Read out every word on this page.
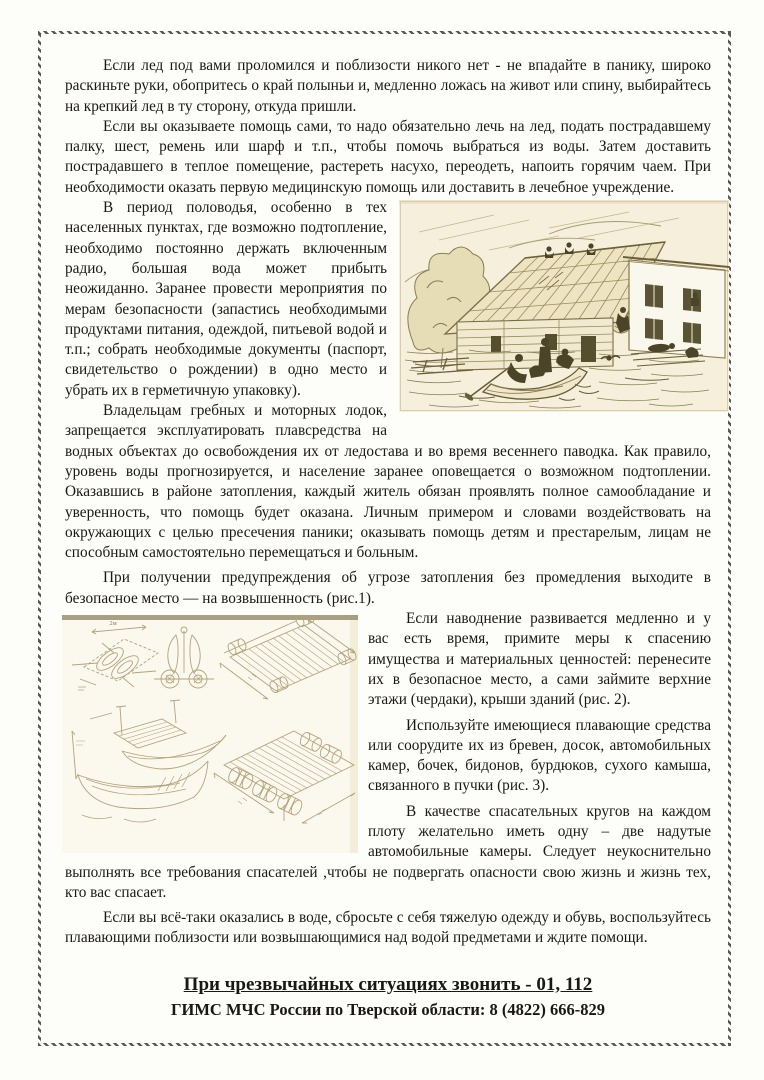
Если лед под вами проломился и поблизости никого нет - не впадайте в панику, широко раскиньте руки, обопритесь о край полыньи и, медленно ложась на живот или спину, выбирайтесь на крепкий лед в ту сторону, откуда пришли.

Если вы оказываете помощь сами, то надо обязательно лечь на лед, подать пострадавшему палку, шест, ремень или шарф и т.п., чтобы помочь выбраться из воды. Затем доставить пострадавшего в теплое помещение, растереть насухо, переодеть, напоить горячим чаем. При необходимости оказать первую медицинскую помощь или доставить в лечебное учреждение.

В период половодья, особенно в тех населенных пунктах, где возможно подтопление, необходимо постоянно держать включенным радио, большая вода может прибыть неожиданно. Заранее провести мероприятия по мерам безопасности (запастись необходимыми продуктами питания, одеждой, питьевой водой и т.п.; собрать необходимые документы (паспорт, свидетельство о рождении) в одно место и убрать их в герметичную упаковку).

Владельцам гребных и моторных лодок, запрещается эксплуатировать плавсредства на водных объектах до освобождения их от ледостава и во время весеннего паводка. Как правило, уровень воды прогнозируется, и население заранее оповещается о возможном подтоплении. Оказавшись в районе затопления, каждый житель обязан проявлять полное самообладание и уверенность, что помощь будет оказана. Личным примером и словами воздействовать на окружающих с целью пресечения паники; оказывать помощь детям и престарелым, лицам не способным самостоятельно перемещаться и больным.

При получении предупреждения об угрозе затопления без промедления выходите в безопасное место — на возвышенность (рис.1).

2м	Если наводнение развивается медленно и у вас есть время, примите меры к спасению имущества и материальных ценностей: перенесите их в безопасное место, а сами займите верхние этажи (чердаки), крыши зданий (рис. 2).

Используйте имеющиеся плавающие средства или соорудите их из бревен, досок, автомобильных камер, бочек, бидонов, бурдюков, сухого камыша, связанного в пучки (рис. 3).

В качестве спасательных кругов на каждом плоту желательно иметь одну – две надутые автомобильные камеры. Следует неукоснительно выполнять все требования спасателей ,чтобы не подвергать опасности свою жизнь и жизнь тех, кто вас спасает.

Если вы всё-таки оказались в воде, сбросьте с себя тяжелую одежду и обувь, воспользуйтесь плавающими поблизости или возвышающимися над водой предметами и ждите помощи.

При чрезвычайных ситуациях звонить - 01, 112
ГИМС МЧС России по Тверской области: 8 (4822) 666-829
